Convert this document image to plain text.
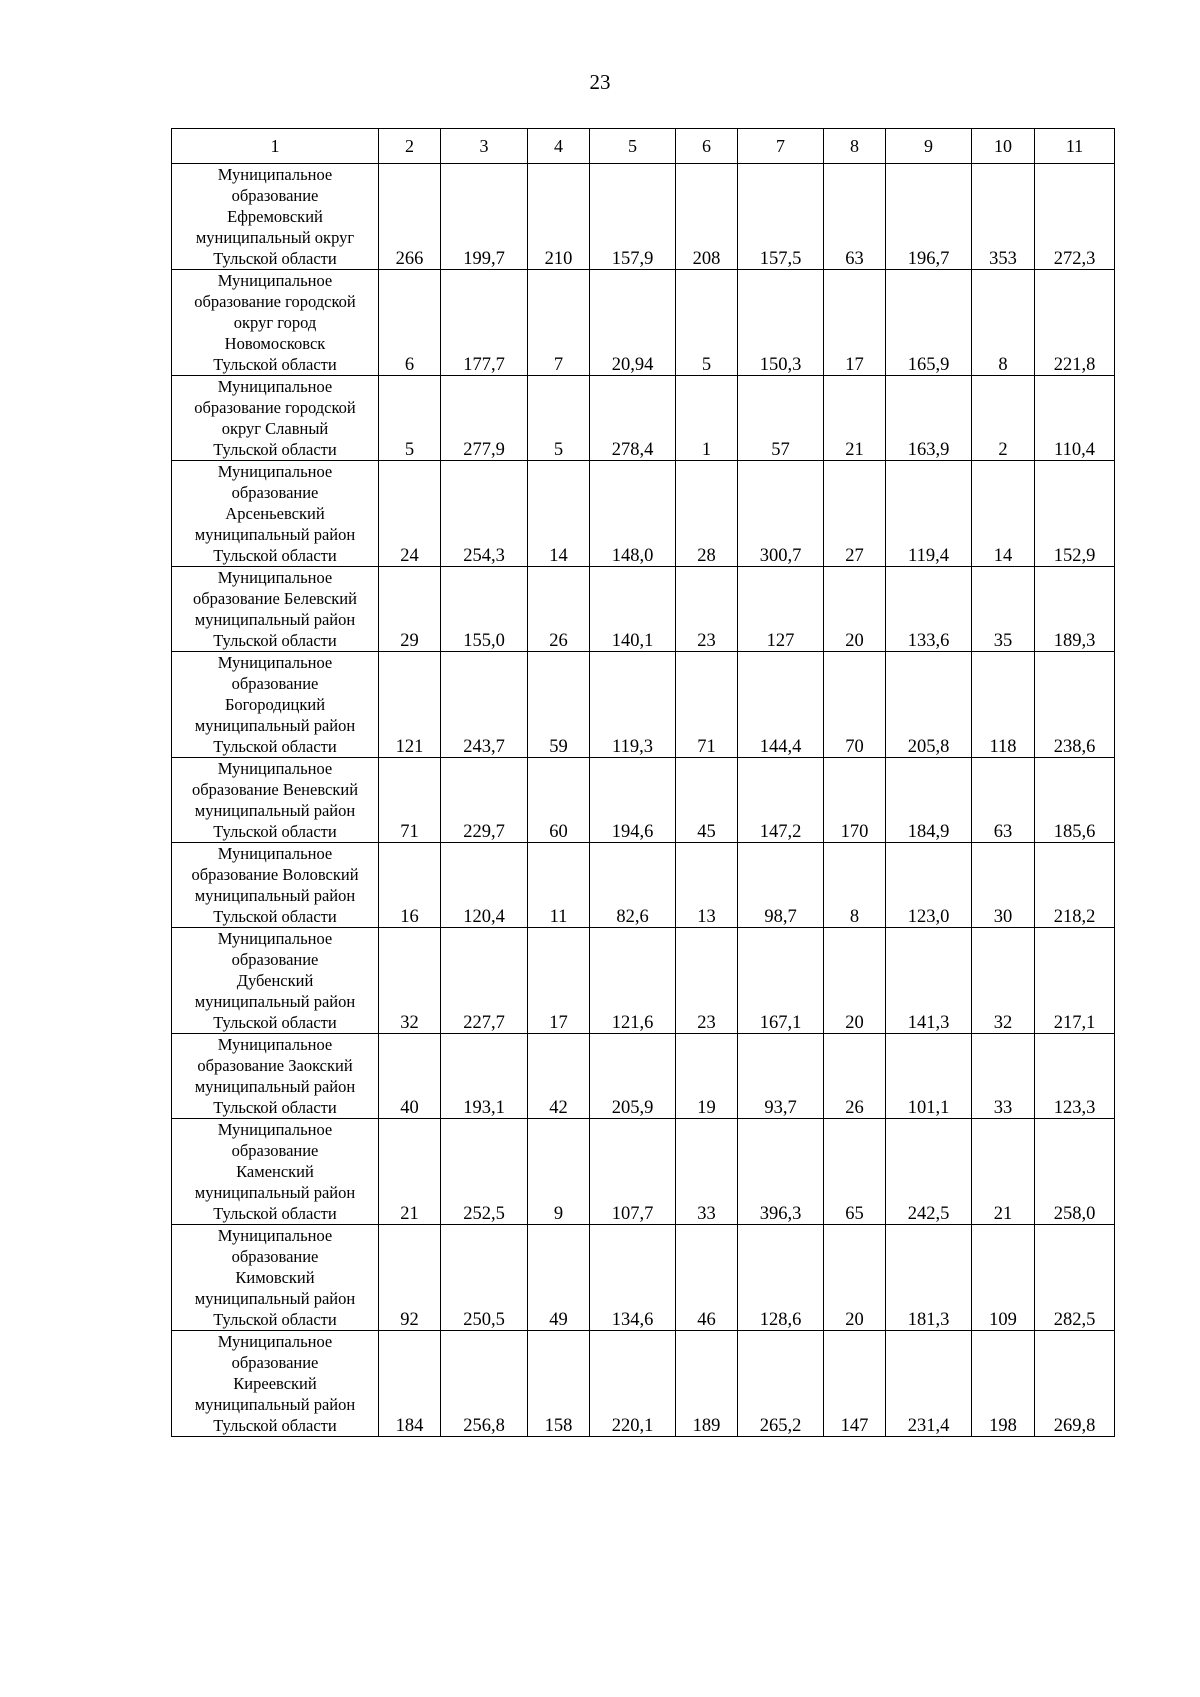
23
1	2	3	4	5	6	7	8	9	10	11

Муниципальное
образование
Ефремовский
муниципальный округ
Тульской области	266	199,7	210	157,9	208	157,5	63	196,7	353	272,3

Муниципальное
образование городской
округ город
Новомосковск
Тульской области	6	177,7	7	20,94	5	150,3	17	165,9	8	221,8

Муниципальное
образование городской
округ Славный
Тульской области	5	277,9	5	278,4	1	57	21	163,9	2	110,4

Муниципальное
образование
Арсеньевский
муниципальный район
Тульской области	24	254,3	14	148,0	28	300,7	27	119,4	14	152,9

Муниципальное
образование Белевский
муниципальный район
Тульской области	29	155,0	26	140,1	23	127	20	133,6	35	189,3

Муниципальное
образование
Богородицкий
муниципальный район
Тульской области	121	243,7	59	119,3	71	144,4	70	205,8	118	238,6

Муниципальное
образование Веневский
муниципальный район
Тульской области	71	229,7	60	194,6	45	147,2	170	184,9	63	185,6

Муниципальное
образование Воловский
муниципальный район
Тульской области	16	120,4	11	82,6	13	98,7	8	123,0	30	218,2

Муниципальное
образование
Дубенский
муниципальный район
Тульской области	32	227,7	17	121,6	23	167,1	20	141,3	32	217,1

Муниципальное
образование Заокский
муниципальный район
Тульской области	40	193,1	42	205,9	19	93,7	26	101,1	33	123,3

Муниципальное
образование
Каменский
муниципальный район
Тульской области	21	252,5	9	107,7	33	396,3	65	242,5	21	258,0

Муниципальное
образование
Кимовский
муниципальный район
Тульской области	92	250,5	49	134,6	46	128,6	20	181,3	109	282,5

Муниципальное
образование
Киреевский
муниципальный район
Тульской области	184	256,8	158	220,1	189	265,2	147	231,4	198	269,8
